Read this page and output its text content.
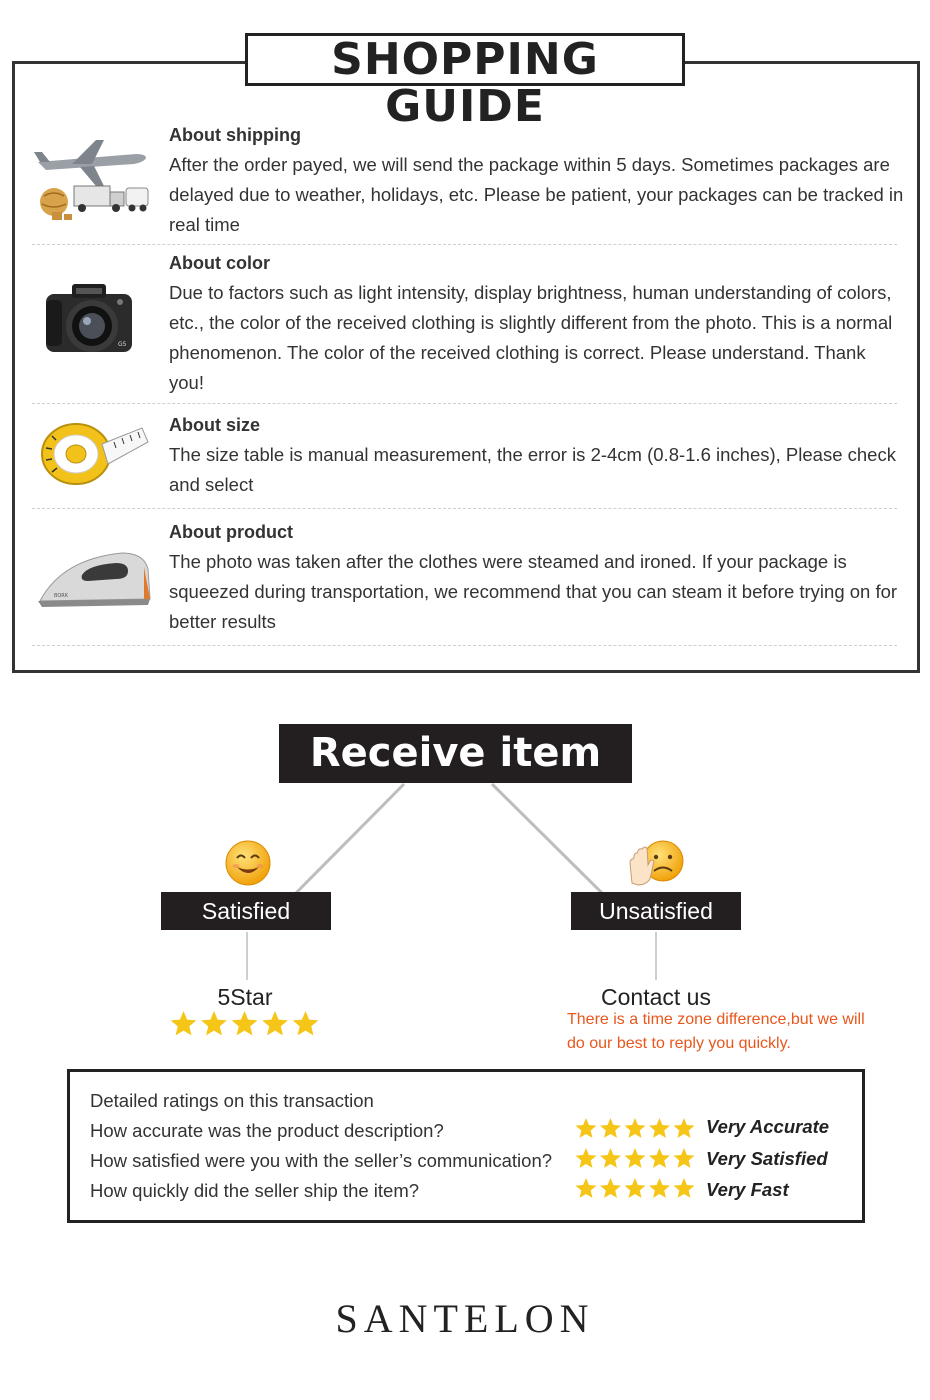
SHOPPING GUIDE
About shipping
After the order payed, we will send the package within 5 days. Sometimes packages are delayed due to weather, holidays, etc. Please be patient, your packages can be tracked in real time
G5
About color
Due to factors such as light intensity, display brightness, human understanding of colors, etc., the color of the received clothing is slightly different from the photo. This is a normal phenomenon. The color of the received clothing is correct. Please understand. Thank you!
About size
The size table is manual measurement, the error is 2-4cm (0.8-1.6 inches), Please check and select
BORK
About product
The photo was taken after the clothes were steamed and ironed. If your package is squeezed during transportation, we recommend that you can steam it before trying on for better results
Receive item
Satisfied
5Star
Unsatisfied
Contact us
There is a time zone difference,but we will do our best to reply you quickly.
Detailed ratings on this transaction
How accurate was the product description?	Very Accurate
How satisfied were you with the seller’s communication?	Very Satisfied
How quickly did the seller ship the item?	Very Fast
SANTELON
